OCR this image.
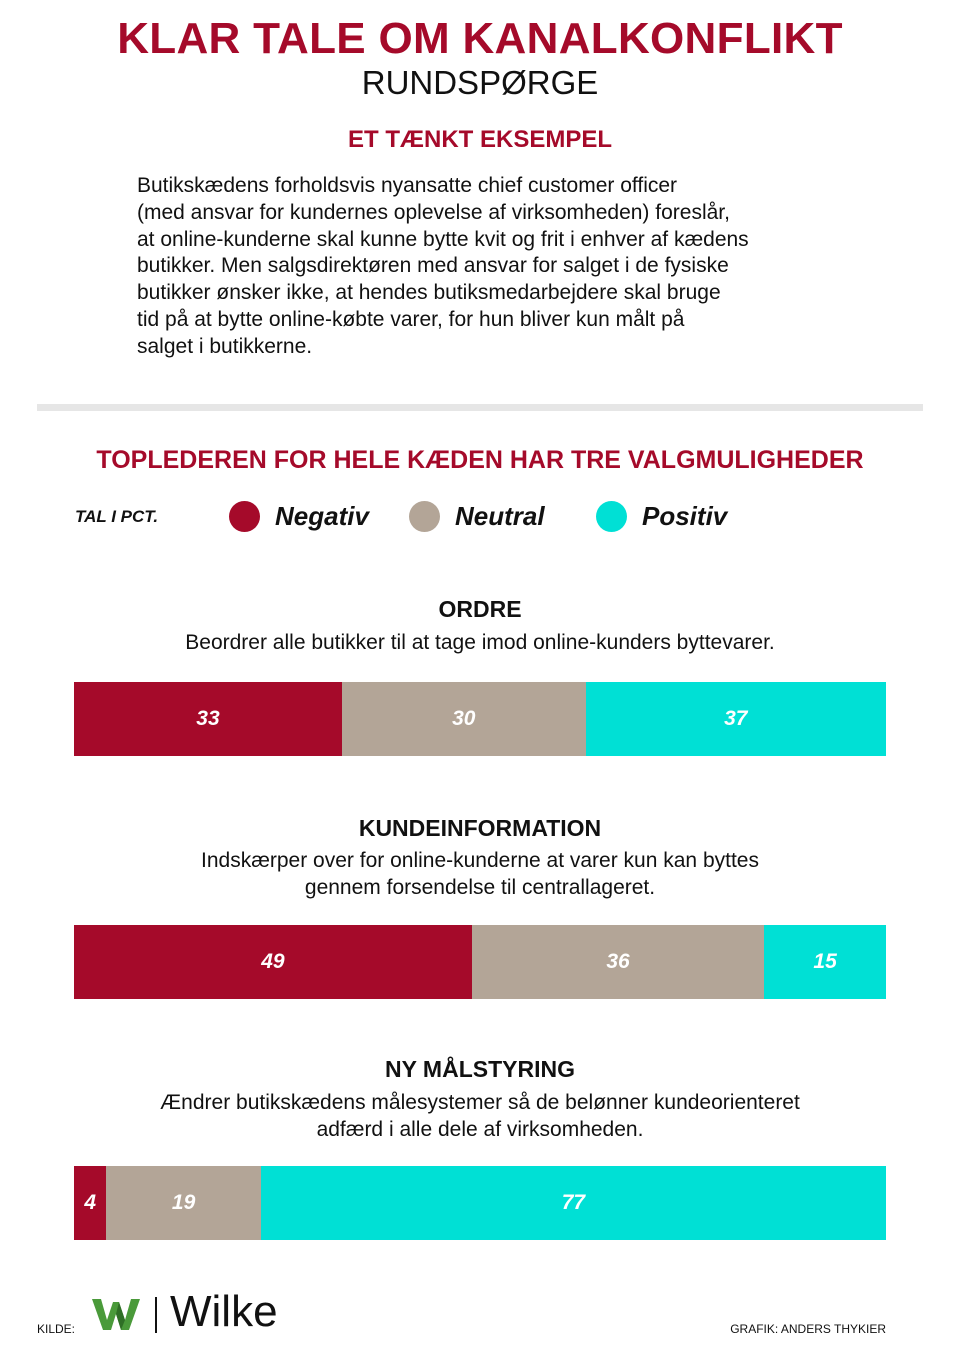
KLAR TALE OM KANALKONFLIKT
RUNDSPØRGE
ET TÆNKT EKSEMPEL
Butikskædens forholdsvis nyansatte chief customer officer
(med ansvar for kundernes oplevelse af virksomheden) foreslår,
at online-kunderne skal kunne bytte kvit og frit i enhver af kædens
butikker. Men salgsdirektøren med ansvar for salget i de fysiske
butikker ønsker ikke, at hendes butiksmedarbejdere skal bruge
tid på at bytte online-købte varer, for hun bliver kun målt på
salget i butikkerne.
TOPLEDEREN FOR HELE KÆDEN HAR TRE VALGMULIGHEDER
TAL I PCT.	Negativ	Neutral	Positiv
ORDRE
Beordrer alle butikker til at tage imod online-kunders byttevarer.
33	30	37
KUNDEINFORMATION
Indskærper over for online-kunderne at varer kun kan byttes
gennem forsendelse til centrallageret.
49	36	15
NY MÅLSTYRING
Ændrer butikskædens målesystemer så de belønner kundeorienteret
adfærd i alle dele af virksomheden.
4	19	77
KILDE: Wilke	GRAFIK: ANDERS THYKIER
